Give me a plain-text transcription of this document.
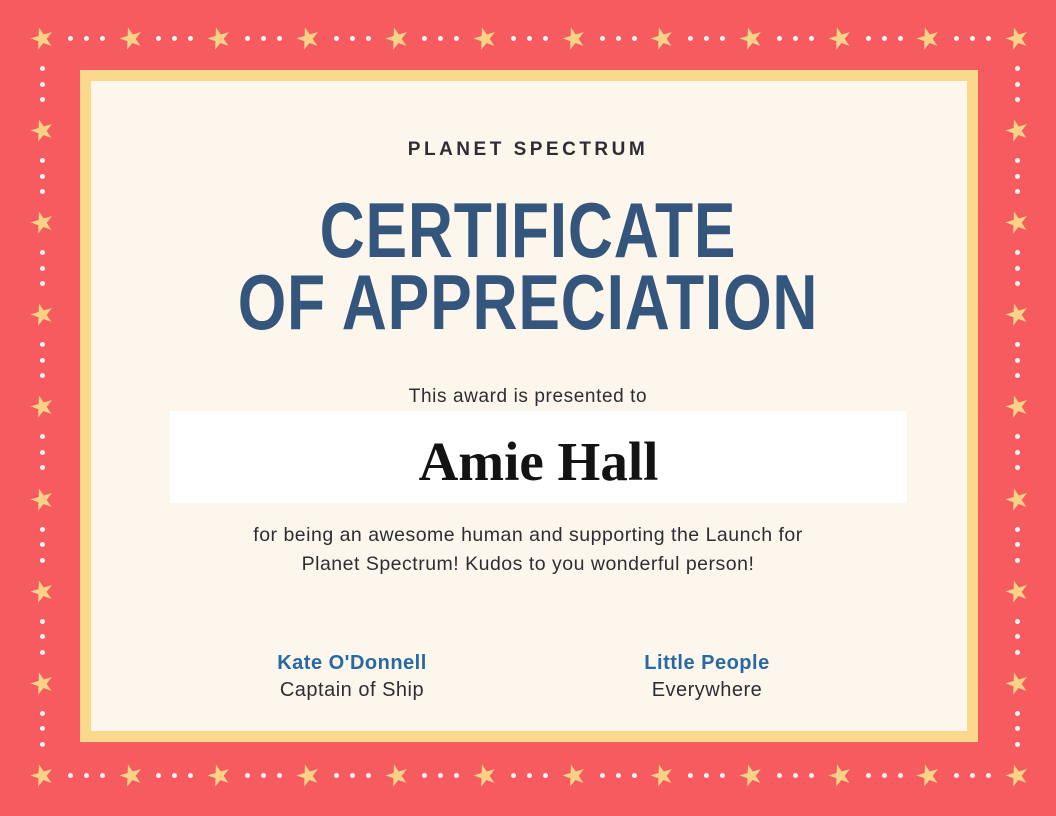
★ ★ ★ ★ ★ ★ ★ ★ ★ ★ ★ ★
★ ★ ★ ★ ★ ★ ★ ★ ★ ★ ★ ★
★
★
★
★
★
★
★
★
★
★
★
★
★
★
PLANET SPECTRUM
CERTIFICATE
OF APPRECIATION
This award is presented to
Amie Hall
for being an awesome human and supporting the Launch for
Planet Spectrum! Kudos to you wonderful person!
Kate O'Donnell
Captain of Ship
Little People
Everywhere
